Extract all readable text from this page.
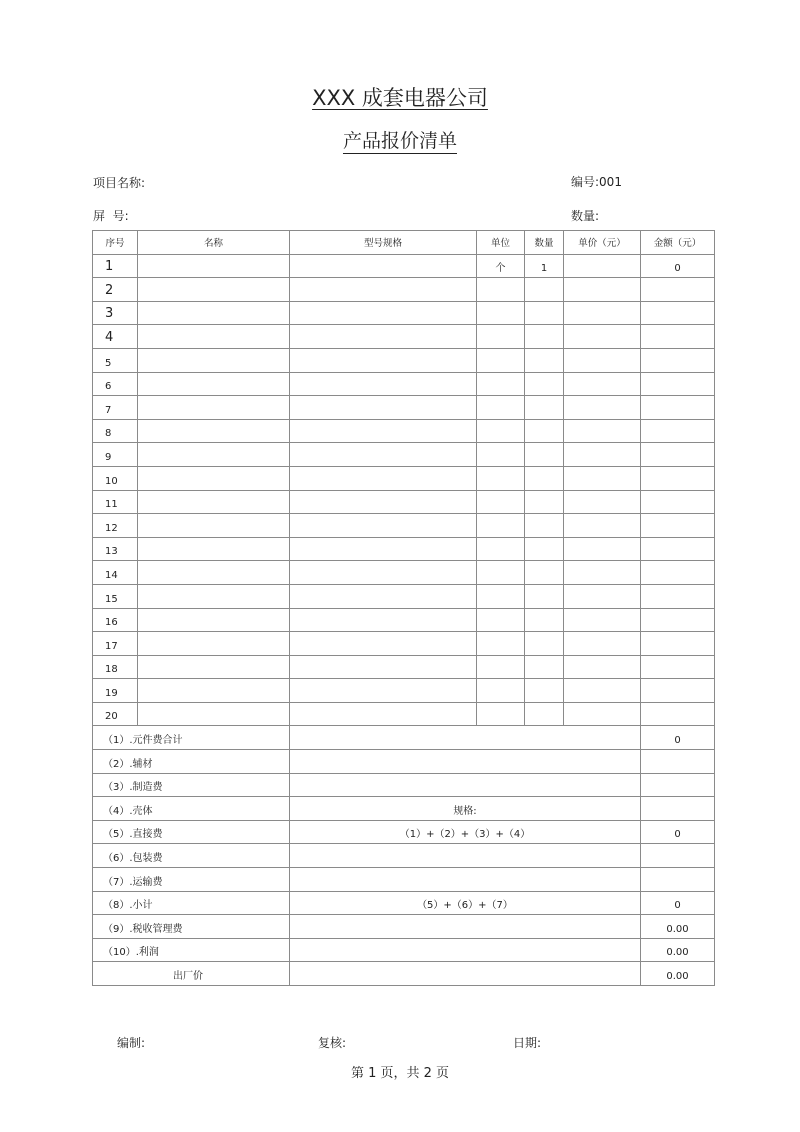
XXX 成套电器公司
产品报价清单
项目名称:	编号:001
屏  号:	数量:
序号	名称	型号规格	单位	数量	单价（元）	金额（元）
1			个	1		0
2						
3						
4						
5						
6						
7						
8						
9						
10						
11						
12						
13						
14						
15						
16						
17						
18						
19						
20						
（1）.元件费合计						0
（2）.辅材						
（3）.制造费						
（4）.壳体		规格:				
（5）.直接费		（1）+（2）+（3）+（4）				0
（6）.包装费						
（7）.运输费						
（8）.小计		（5）+（6）+（7）				0
（9）.税收管理费						0.00
（10）.利润						0.00
出厂价						0.00
编制:	复核:	日期:
第 1 页，共 2 页
